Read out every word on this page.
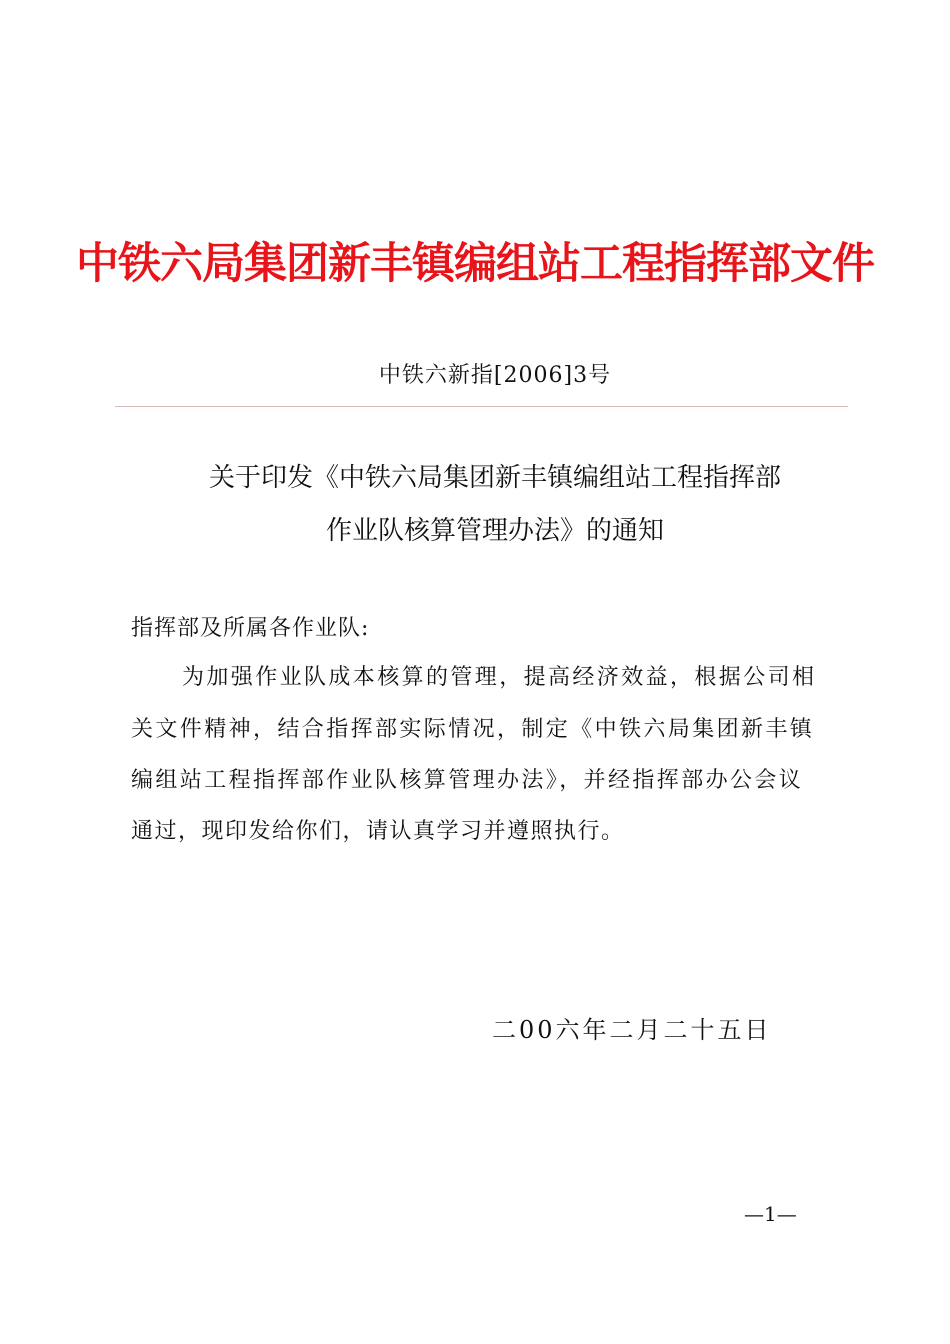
中铁六局集团新丰镇编组站工程指挥部文件
中铁六新指[2006]3号
关于印发《中铁六局集团新丰镇编组站工程指挥部
作业队核算管理办法》的通知
指挥部及所属各作业队:
为加强作业队成本核算的管理，提高经济效益，根据公司相
关文件精神，结合指挥部实际情况，制定《中铁六局集团新丰镇
编组站工程指挥部作业队核算管理办法》，并经指挥部办公会议
通过，现印发给你们，请认真学习并遵照执行。
二00六年二月二十五日
—1—
